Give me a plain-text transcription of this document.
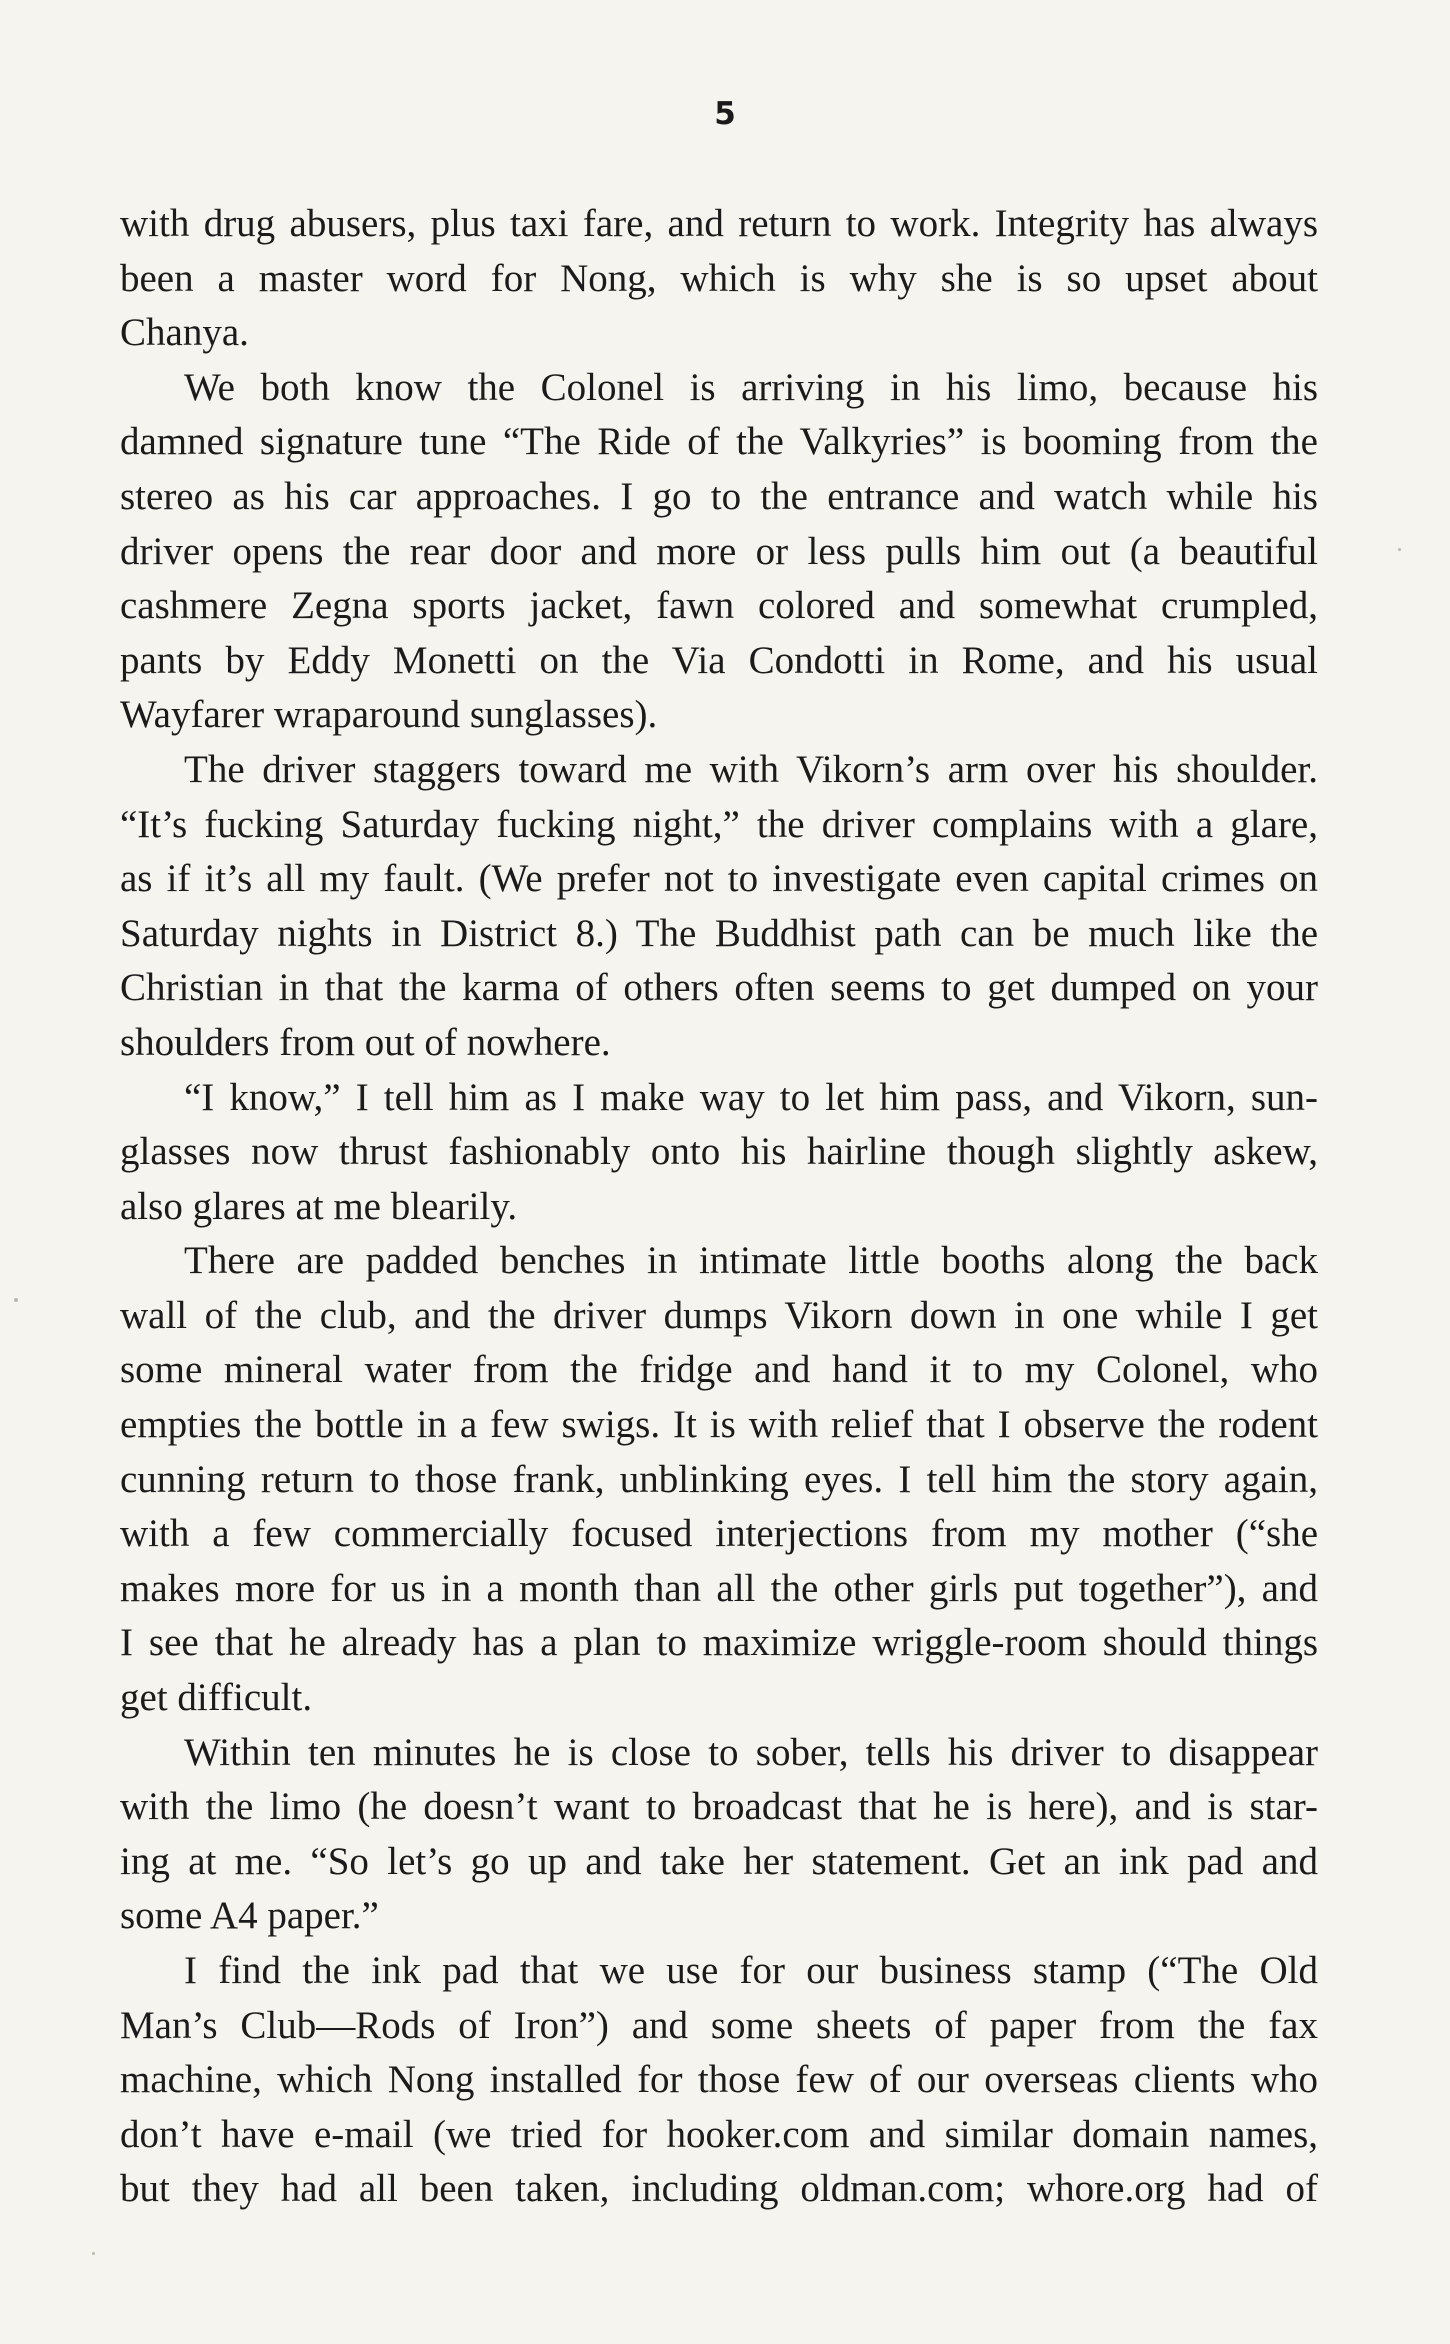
5
with drug abusers, plus taxi fare, and return to work. Integrity has always
been a master word for Nong, which is why she is so upset about
Chanya.
We both know the Colonel is arriving in his limo, because his
damned signature tune “The Ride of the Valkyries” is booming from the
stereo as his car approaches. I go to the entrance and watch while his
driver opens the rear door and more or less pulls him out (a beautiful
cashmere Zegna sports jacket, fawn colored and somewhat crumpled,
pants by Eddy Monetti on the Via Condotti in Rome, and his usual
Wayfarer wraparound sunglasses).
The driver staggers toward me with Vikorn’s arm over his shoulder.
“It’s fucking Saturday fucking night,” the driver complains with a glare,
as if it’s all my fault. (We prefer not to investigate even capital crimes on
Saturday nights in District 8.) The Buddhist path can be much like the
Christian in that the karma of others often seems to get dumped on your
shoulders from out of nowhere.
“I know,” I tell him as I make way to let him pass, and Vikorn, sun-
glasses now thrust fashionably onto his hairline though slightly askew,
also glares at me blearily.
There are padded benches in intimate little booths along the back
wall of the club, and the driver dumps Vikorn down in one while I get
some mineral water from the fridge and hand it to my Colonel, who
empties the bottle in a few swigs. It is with relief that I observe the rodent
cunning return to those frank, unblinking eyes. I tell him the story again,
with a few commercially focused interjections from my mother (“she
makes more for us in a month than all the other girls put together”), and
I see that he already has a plan to maximize wriggle-room should things
get difficult.
Within ten minutes he is close to sober, tells his driver to disappear
with the limo (he doesn’t want to broadcast that he is here), and is star-
ing at me. “So let’s go up and take her statement. Get an ink pad and
some A4 paper.”
I find the ink pad that we use for our business stamp (“The Old
Man’s Club—Rods of Iron”) and some sheets of paper from the fax
machine, which Nong installed for those few of our overseas clients who
don’t have e-mail (we tried for hooker.com and similar domain names,
but they had all been taken, including oldman.com; whore.org had of
